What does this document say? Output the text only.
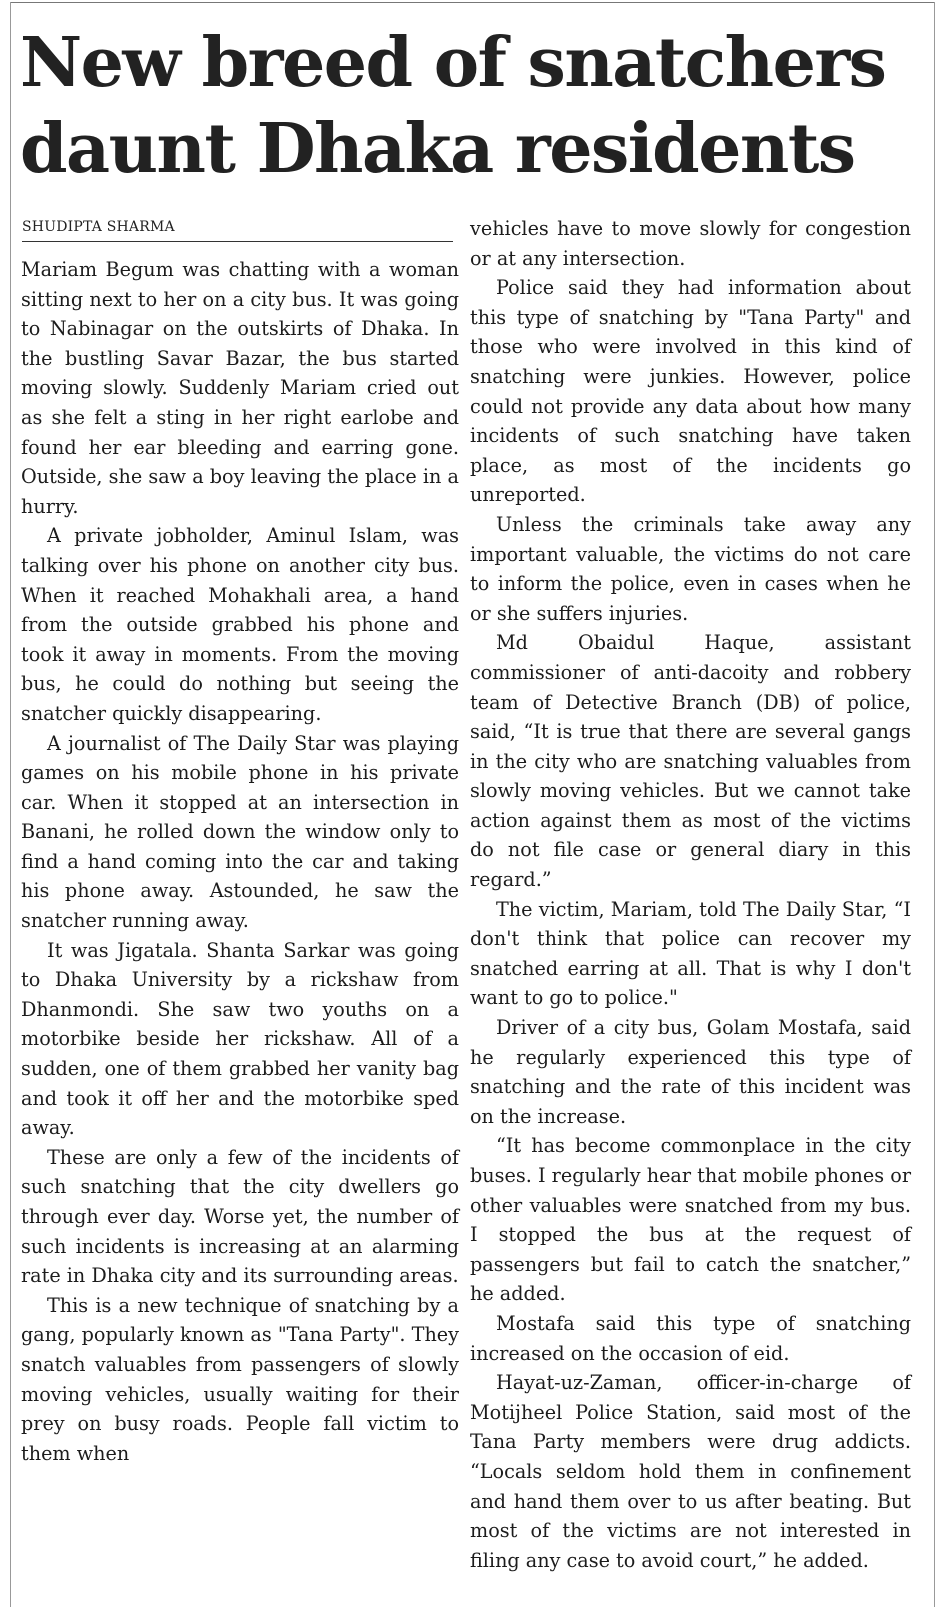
New breed of snatchers daunt Dhaka residents
SHUDIPTA SHARMA

Mariam Begum was chatting with a woman sitting next to her on a city bus. It was going to Nabinagar on the outskirts of Dhaka. In the bustling Savar Bazar, the bus started moving slowly. Suddenly Mariam cried out as she felt a sting in her right earlobe and found her ear bleeding and earring gone. Outside, she saw a boy leaving the place in a hurry.

A private jobholder, Aminul Islam, was talking over his phone on another city bus. When it reached Mohakhali area, a hand from the outside grabbed his phone and took it away in moments. From the moving bus, he could do nothing but seeing the snatcher quickly disappearing.

A journalist of The Daily Star was playing games on his mobile phone in his private car. When it stopped at an intersection in Banani, he rolled down the window only to find a hand coming into the car and taking his phone away. Astounded, he saw the snatcher running away.

It was Jigatala. Shanta Sarkar was going to Dhaka University by a rickshaw from Dhanmondi. She saw two youths on a motorbike beside her rickshaw. All of a sudden, one of them grabbed her vanity bag and took it off her and the motorbike sped away.

These are only a few of the incidents of such snatching that the city dwellers go through ever day. Worse yet, the number of such incidents is increasing at an alarming rate in Dhaka city and its surrounding areas.

This is a new technique of snatching by a gang, popularly known as "Tana Party". They snatch valuables from passengers of slowly moving vehicles, usually waiting for their prey on busy roads. People fall victim to them when

vehicles have to move slowly for congestion or at any intersection.

Police said they had information about this type of snatching by "Tana Party" and those who were involved in this kind of snatching were junkies. However, police could not provide any data about how many incidents of such snatching have taken place, as most of the incidents go unreported.

Unless the criminals take away any important valuable, the victims do not care to inform the police, even in cases when he or she suffers injuries.

Md Obaidul Haque, assistant commissioner of anti-dacoity and robbery team of Detective Branch (DB) of police, said, “It is true that there are several gangs in the city who are snatching valuables from slowly moving vehicles. But we cannot take action against them as most of the victims do not file case or general diary in this regard.”

The victim, Mariam, told The Daily Star, “I don't think that police can recover my snatched earring at all. That is why I don't want to go to police."

Driver of a city bus, Golam Mostafa, said he regularly experienced this type of snatching and the rate of this incident was on the increase.

“It has become commonplace in the city buses. I regularly hear that mobile phones or other valuables were snatched from my bus. I stopped the bus at the request of passengers but fail to catch the snatcher,” he added.

Mostafa said this type of snatching increased on the occasion of eid.

Hayat-uz-Zaman, officer-in-charge of Motijheel Police Station, said most of the Tana Party members were drug addicts. “Locals seldom hold them in confinement and hand them over to us after beating. But most of the victims are not interested in filing any case to avoid court,” he added.
